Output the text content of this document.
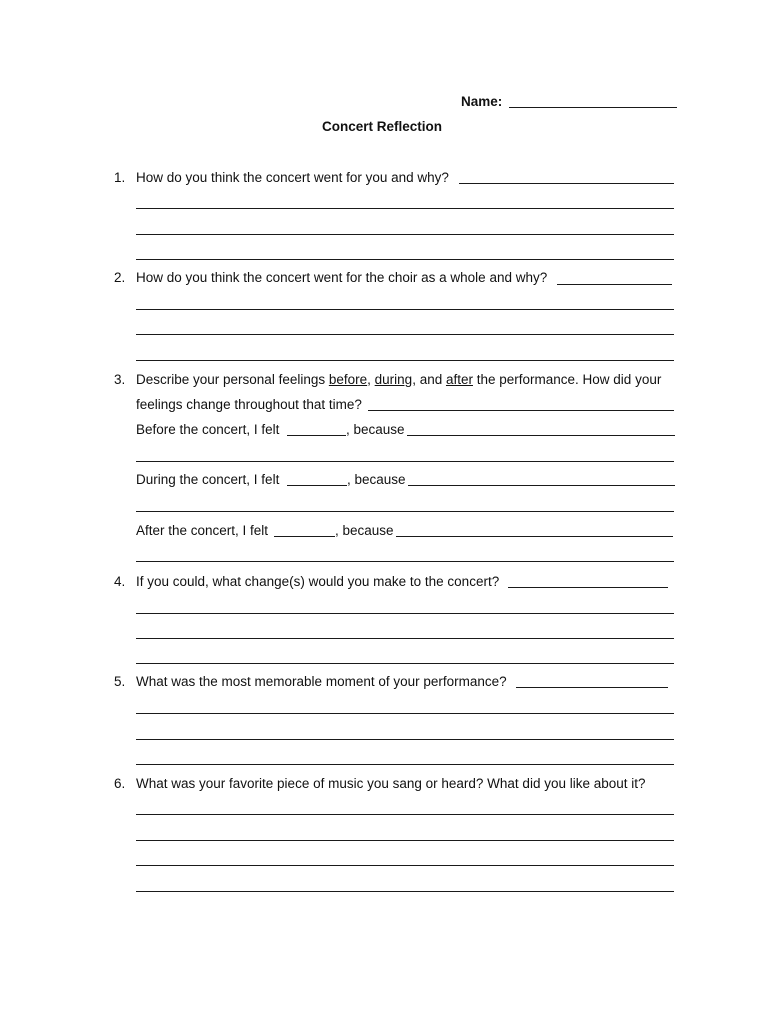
Name:
Concert Reflection
1. How do you think the concert went for you and why?
2. How do you think the concert went for the choir as a whole and why?
3. Describe your personal feelings before, during, and after the performance. How did your
feelings change throughout that time?
Before the concert, I felt	, because
During the concert, I felt	, because
After the concert, I felt	, because
4. If you could, what change(s) would you make to the concert?
5. What was the most memorable moment of your performance?
6. What was your favorite piece of music you sang or heard? What did you like about it?
